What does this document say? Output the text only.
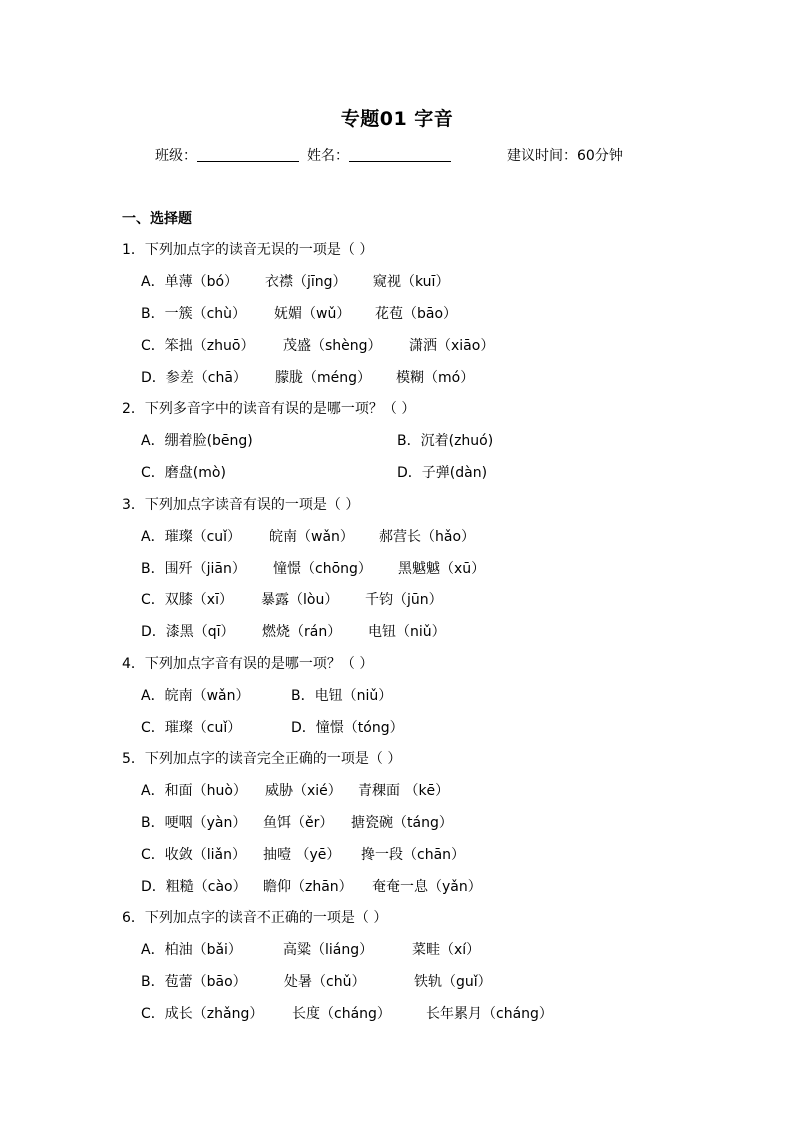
专题01 字音
班级：	姓名：	建议时间：60分钟
一、选择题
1．下列加点字的读音无误的一项是（ ）
A．单薄（bó） 衣襟（jīng） 窥视（kuī）
B．一簇（chù） 妩媚（wǔ） 花苞（bāo）
C．笨拙（zhuō） 茂盛（shèng） 潇洒（xiāo）
D．参差（chā） 朦胧（méng） 模糊（mó）
2．下列多音字中的读音有误的是哪一项？（ ）
A．绷着脸(bēng)	B．沉着(zhuó)
C．磨盘(mò)	D．子弹(dàn)
3．下列加点字读音有误的一项是（ ）
A．璀璨（cuǐ） 皖南（wǎn） 郝营长（hǎo）
B．围歼（jiān） 憧憬（chōng） 黑魆魆（xū）
C．双膝（xī） 暴露（lòu） 千钧（jūn）
D．漆黑（qī） 燃烧（rán） 电钮（niǔ）
4．下列加点字音有误的是哪一项？（ ）
A．皖南（wǎn）	B．电钮（niǔ）
C．璀璨（cuǐ）	D．憧憬（tóng）
5．下列加点字的读音完全正确的一项是（ ）
A．和面（huò） 威胁（xié） 青稞面 （kē）
B．哽咽（yàn） 鱼饵（ěr） 搪瓷碗（táng）
C．收敛（liǎn） 抽噎 （yē） 搀一段（chān）
D．粗糙（cào） 瞻仰（zhān） 奄奄一息（yǎn）
6．下列加点字的读音不正确的一项是（ ）
A．柏油（bǎi）	高粱（liáng）	菜畦（xí）
B．苞蕾（bāo）	处暑（chǔ）	铁轨（guǐ）
C．成长（zhǎng） 长度（cháng）	长年累月（cháng）
